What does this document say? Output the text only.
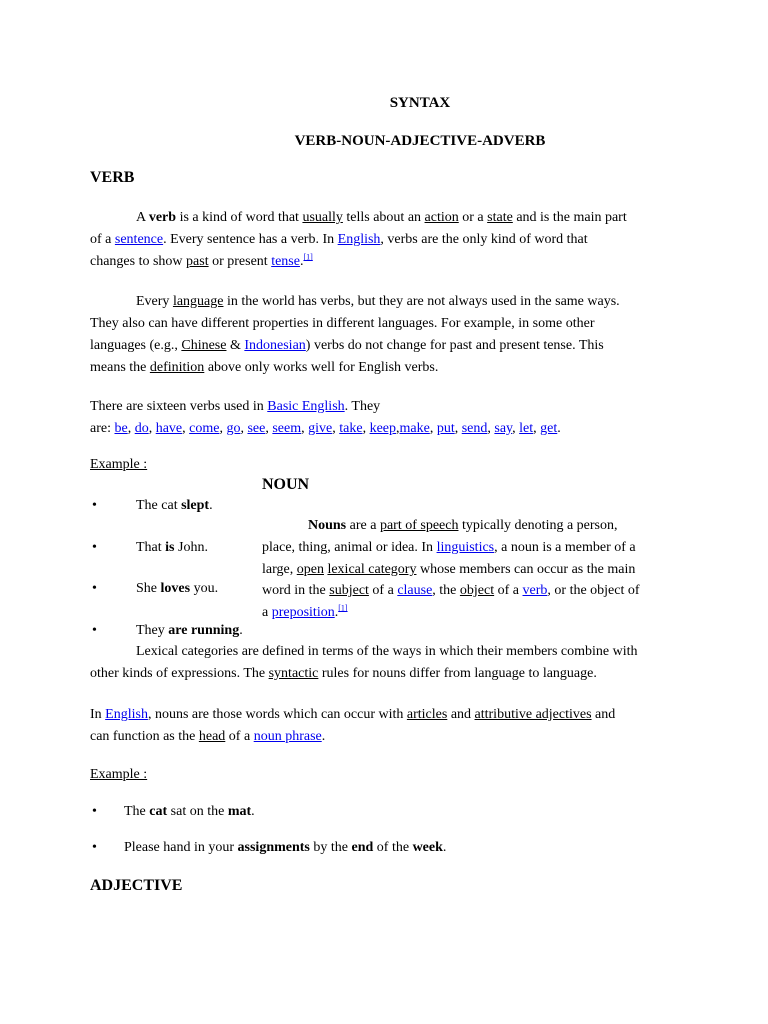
SYNTAX
VERB-NOUN-ADJECTIVE-ADVERB
VERB
A verb is a kind of word that usually tells about an action or a state and is the main part
of a sentence. Every sentence has a verb. In English, verbs are the only kind of word that
changes to show past or present tense.[1]
Every language in the world has verbs, but they are not always used in the same ways.
They also can have different properties in different languages. For example, in some other
languages (e.g., Chinese & Indonesian) verbs do not change for past and present tense. This
means the definition above only works well for English verbs.
There are sixteen verbs used in Basic English. They
are: be, do, have, come, go, see, seem, give, take, keep,make, put, send, say, let, get.
Example :
•	The cat slept.
•	That is John.
•	She loves you.
•	They are running.
NOUN
Nouns are a part of speech typically denoting a person,
place, thing, animal or idea. In linguistics, a noun is a member of a
large, open lexical category whose members can occur as the main
word in the subject of a clause, the object of a verb, or the object of
a preposition.[1]
Lexical categories are defined in terms of the ways in which their members combine with
other kinds of expressions. The syntactic rules for nouns differ from language to language.
In English, nouns are those words which can occur with articles and attributive adjectives and
can function as the head of a noun phrase.
Example :
• The cat sat on the mat.
• Please hand in your assignments by the end of the week.
ADJECTIVE
